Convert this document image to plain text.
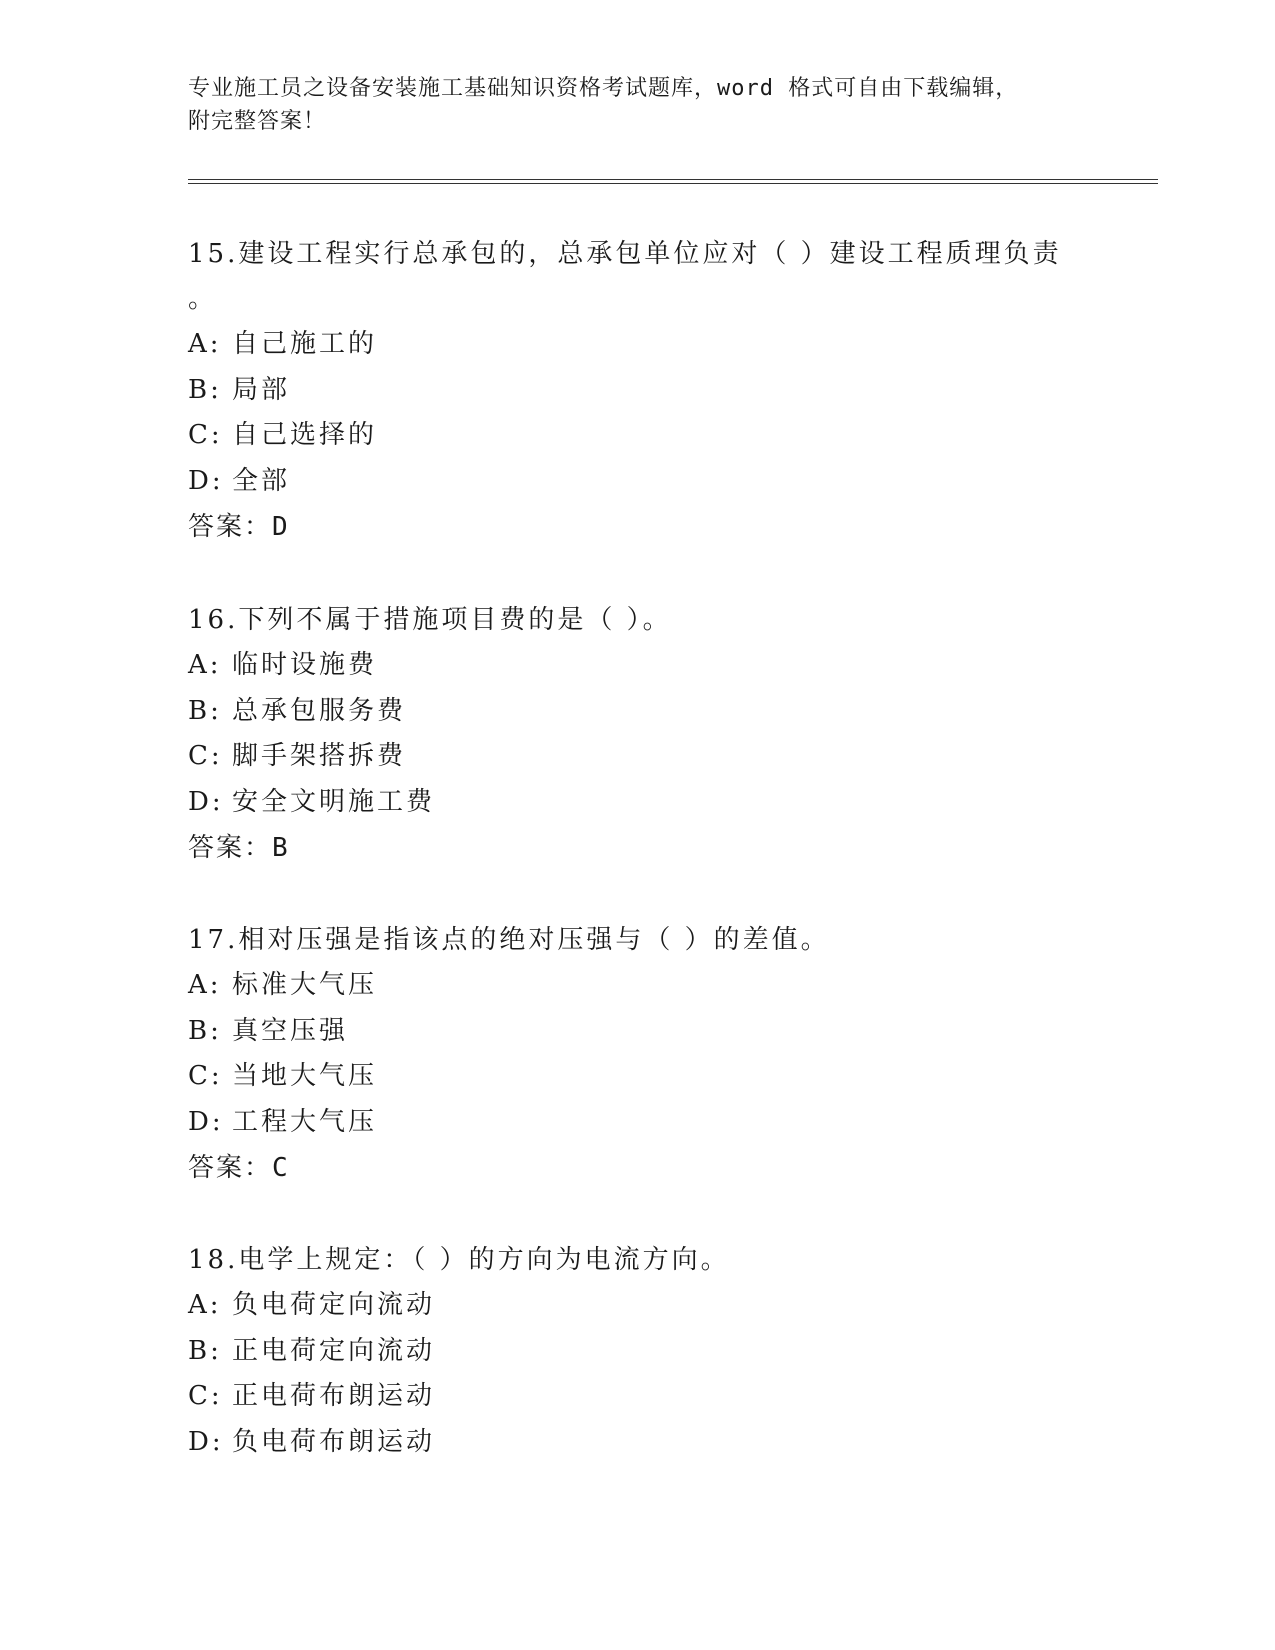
专业施工员之设备安装施工基础知识资格考试题库，word 格式可自由下载编辑，
附完整答案！
15.建设工程实行总承包的，总承包单位应对（ ）建设工程质理负责
。
A: 自己施工的
B: 局部
C: 自己选择的
D: 全部
答案：D
16.下列不属于措施项目费的是（ ）。
A: 临时设施费
B: 总承包服务费
C: 脚手架搭拆费
D: 安全文明施工费
答案：B
17.相对压强是指该点的绝对压强与（ ）的差值。
A: 标准大气压
B: 真空压强
C: 当地大气压
D: 工程大气压
答案：C
18.电学上规定：（ ）的方向为电流方向。
A: 负电荷定向流动
B: 正电荷定向流动
C: 正电荷布朗运动
D: 负电荷布朗运动
